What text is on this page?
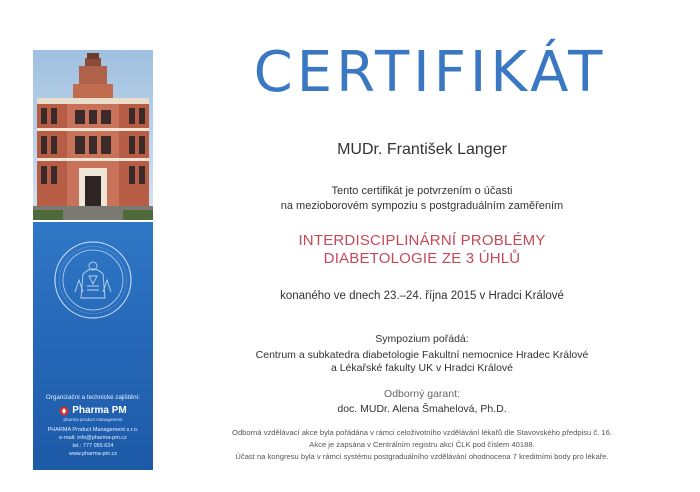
Organizační a technické zajištění:
Pharma PM
pharma product management
PHARMA Product Management s.r.o.
e-mail: info@pharma-pm.cz
tel.: 777 055 624
www.pharma-pm.cz
CERTIFIKÁT
MUDr. František Langer
Tento certifikát je potvrzením o účasti
na mezioborovém sympoziu s postgraduálním zaměřením
INTERDISCIPLINÁRNÍ PROBLÉMY
DIABETOLOGIE ZE 3 ÚHLŮ
konaného ve dnech 23.–24. října 2015 v Hradci Králové
Sympozium pořádá:
Centrum a subkatedra diabetologie Fakultní nemocnice Hradec Králové
a Lékařské fakulty UK v Hradci Králové
Odborný garant:
doc. MUDr. Alena Šmahelová, Ph.D.
Odborná vzdělávací akce byla pořádána v rámci celoživotního vzdělávání lékařů dle Stavovského předpisu č. 16.
Akce je zapsána v Centrálním registru akcí ČLK pod číslem 40188.
Účast na kongresu byla v rámci systému postgraduálního vzdělávání ohodnocena 7 kreditními body pro lékaře.
